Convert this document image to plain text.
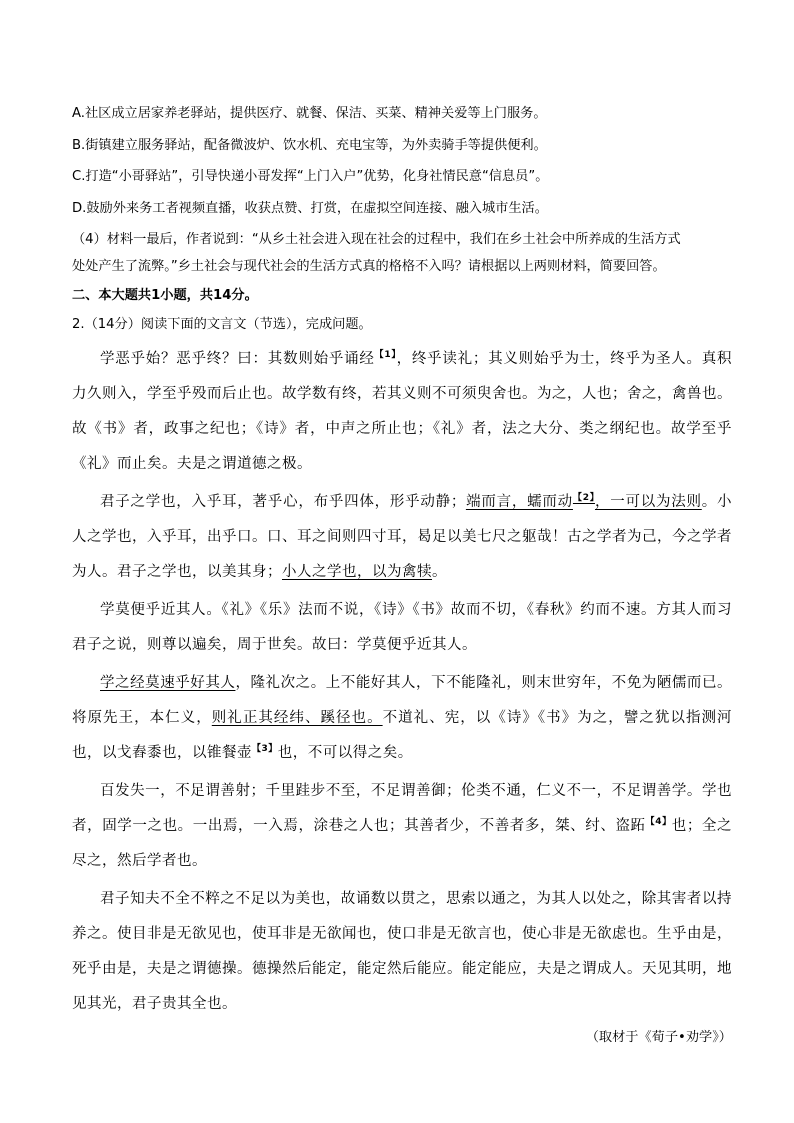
A.社区成立居家养老驿站，提供医疗、就餐、保洁、买菜、精神关爱等上门服务。
B.街镇建立服务驿站，配备微波炉、饮水机、充电宝等，为外卖骑手等提供便利。
C.打造“小哥驿站”，引导快递小哥发挥“上门入户”优势，化身社情民意“信息员”。
D.鼓励外来务工者视频直播，收获点赞、打赏，在虚拟空间连接、融入城市生活。

（4）材料一最后，作者说到：“从乡土社会进入现在社会的过程中，我们在乡土社会中所养成的生活方式

处处产生了流弊。”乡土社会与现代社会的生活方式真的格格不入吗？请根据以上两则材料，简要回答。

二、本大题共1小题，共14分。
2.（14分）阅读下面的文言文（节选），完成问题。

学恶乎始？恶乎终？曰：其数则始乎诵经$^{【1】}$，终乎读礼；其义则始乎为士，终乎为圣人。真积力久则入，学至乎殁而后止也。故学数有终，若其义则不可须臾舍也。为之，人也；舍之，禽兽也。故《书》者，政事之纪也；《诗》者，中声之所止也；《礼》者，法之大分、类之纲纪也。故学至乎《礼》而止矣。夫是之谓道德之极。

君子之学也，入乎耳，著乎心，布乎四体，形乎动静；端而言，蠕而动$^{【2】}$，一可以为法则。小人之学也，入乎耳，出乎口。口、耳之间则四寸耳，曷足以美七尺之躯哉！古之学者为己，今之学者为人。君子之学也，以美其身；小人之学也，以为禽犊。

学莫便乎近其人。《礼》《乐》法而不说，《诗》《书》故而不切，《春秋》约而不速。方其人而习君子之说，则尊以遍矣，周于世矣。故曰：学莫便乎近其人。

学之经莫速乎好其人，隆礼次之。上不能好其人，下不能隆礼，则末世穷年，不免为陋儒而已。将原先王，本仁义，则礼正其经纬、蹊径也。不道礼、宪，以《诗》《书》为之，譬之犹以指测河也，以戈舂黍也，以锥餐壶$^{【3】}$也，不可以得之矣。

百发失一，不足谓善射；千里跬步不至，不足谓善御；伦类不通，仁义不一，不足谓善学。学也者，固学一之也。一出焉，一入焉，涂巷之人也；其善者少，不善者多，桀、纣、盗跖$^{【4】}$也；全之尽之，然后学者也。

君子知夫不全不粹之不足以为美也，故诵数以贯之，思索以通之，为其人以处之，除其害者以持养之。使目非是无欲见也，使耳非是无欲闻也，使口非是无欲言也，使心非是无欲虑也。生乎由是，死乎由是，夫是之谓德操。德操然后能定，能定然后能应。能定能应，夫是之谓成人。天见其明，地见其光，君子贵其全也。

（取材于《荀子•劝学》）
